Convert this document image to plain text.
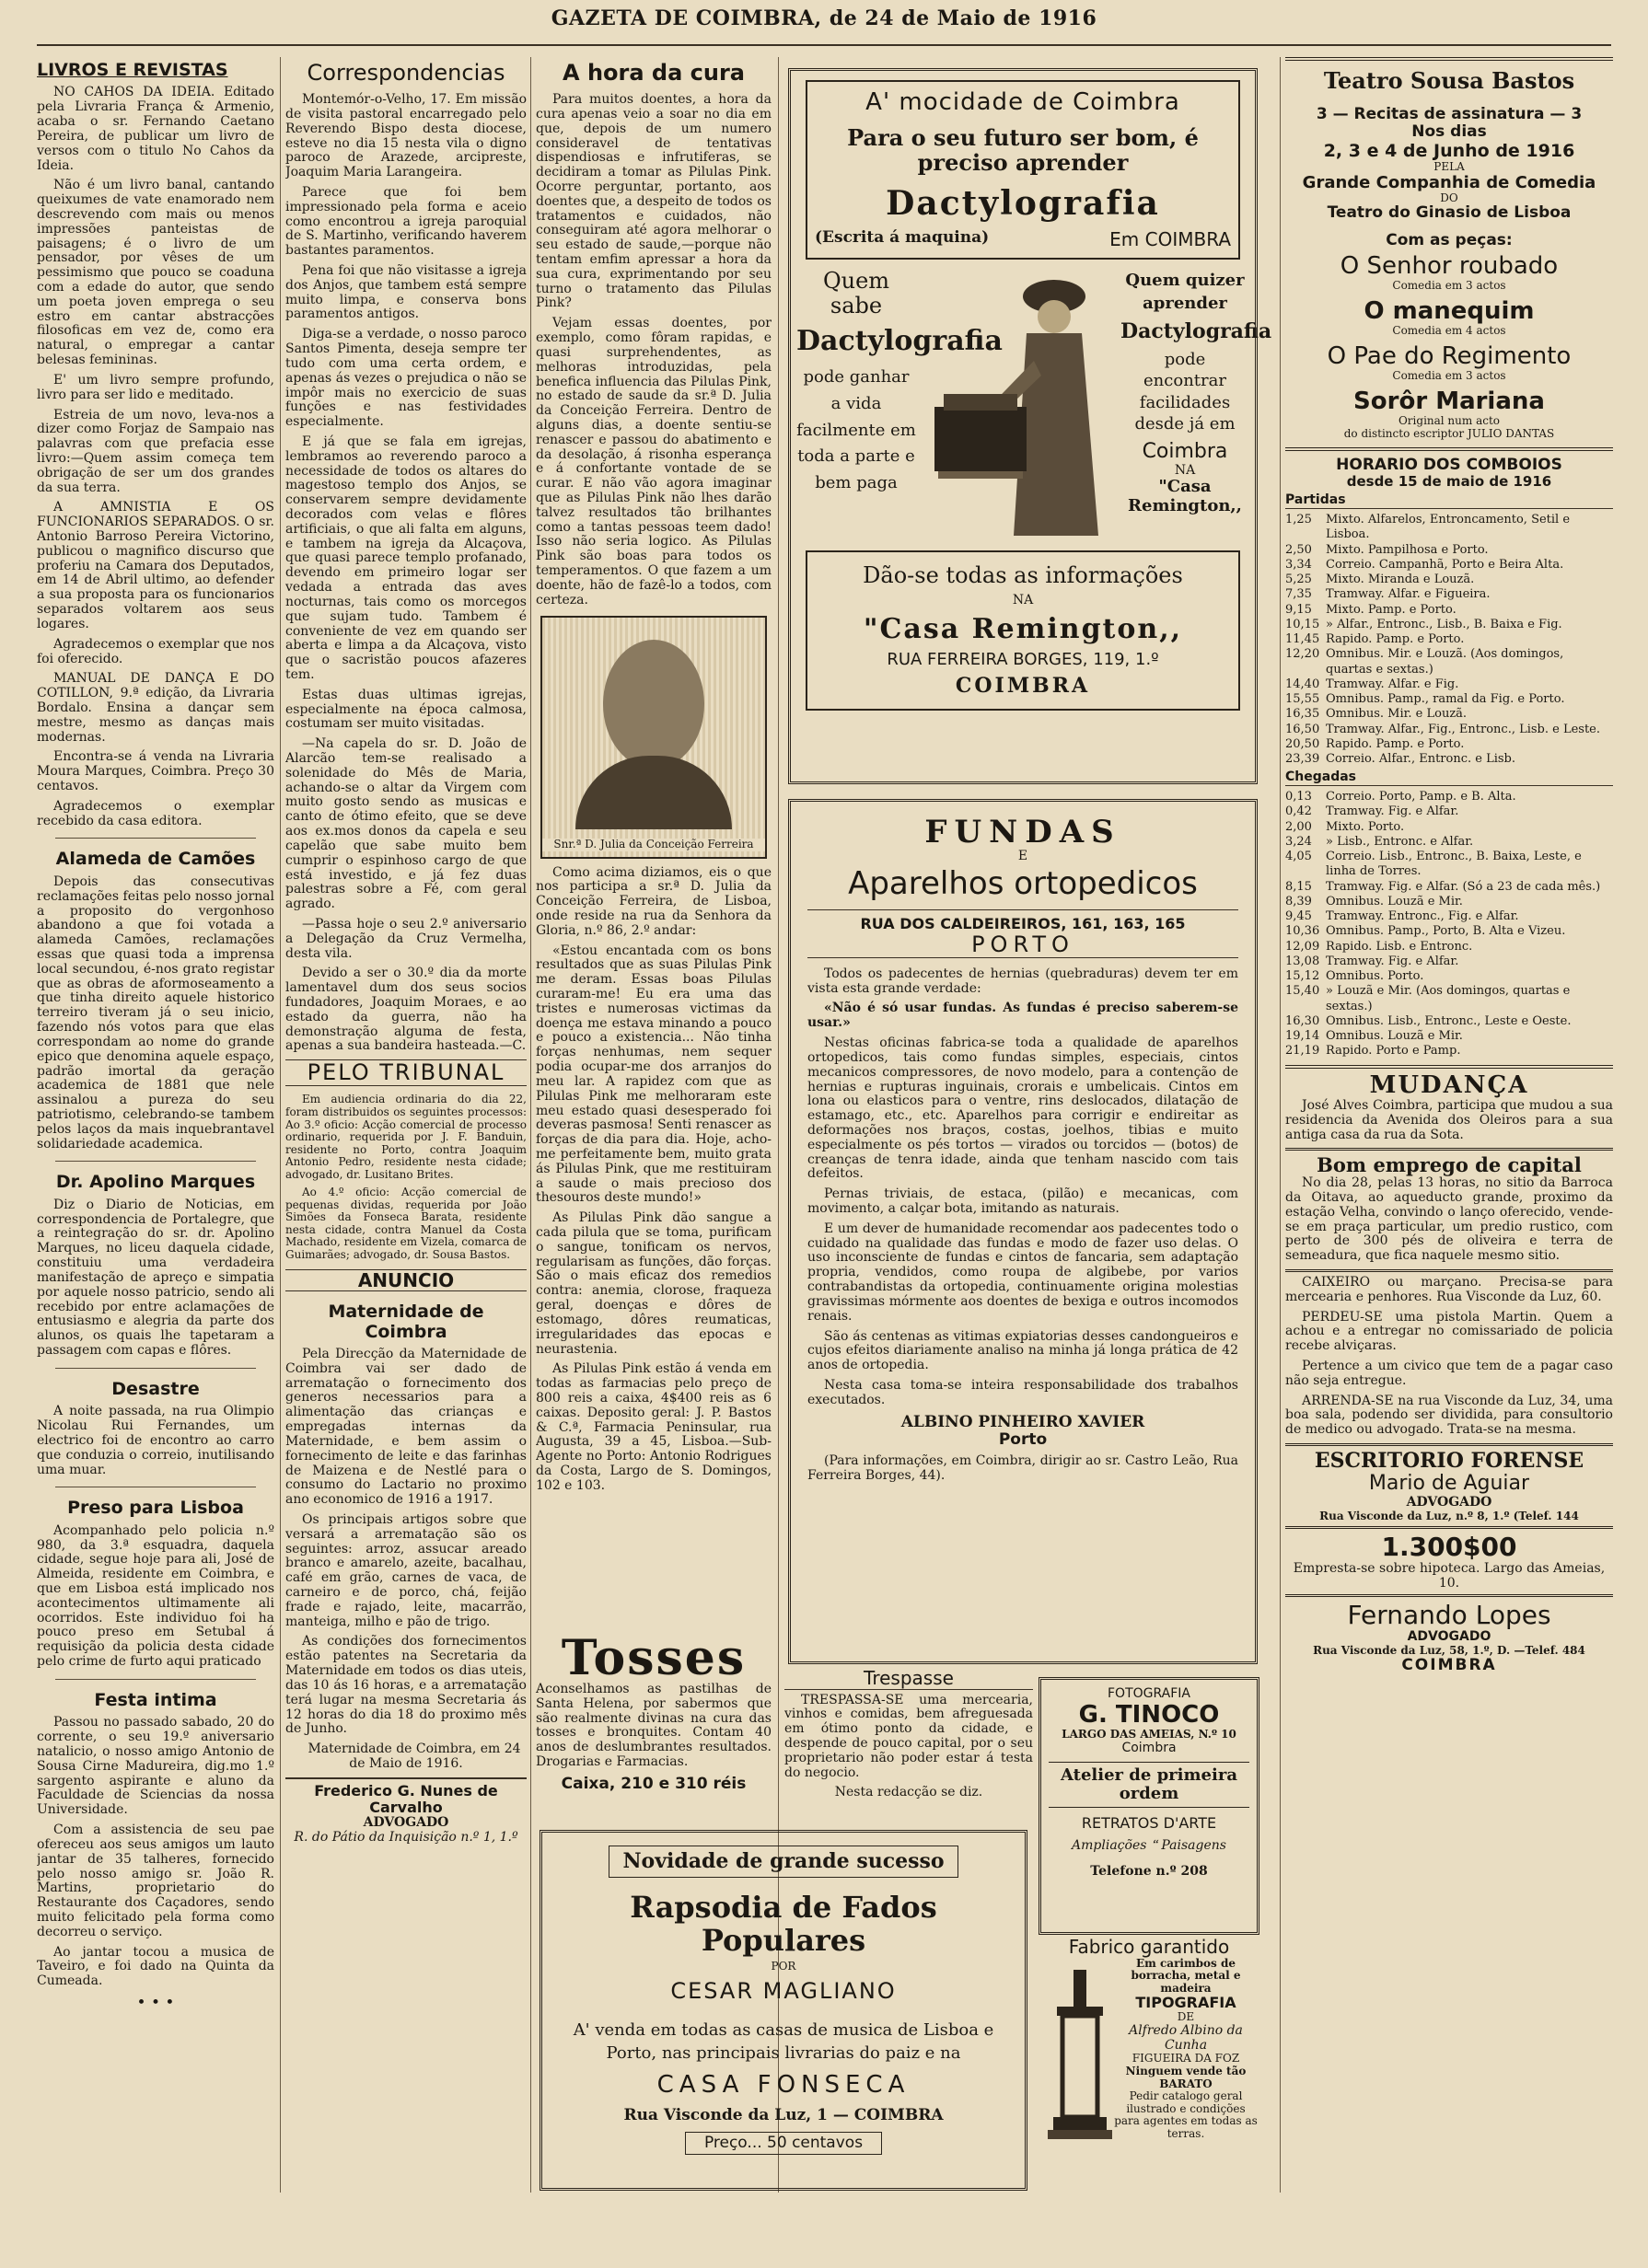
GAZETA DE COIMBRA, de 24 de Maio de 1916
LIVROS E REVISTAS

NO CAHOS DA IDEIA. Editado pela Livraria França & Armenio, acaba o sr. Fernando Caetano Pereira, de publicar um livro de versos com o titulo No Cahos da Ideia.

Não é um livro banal, cantando queixumes de vate enamorado nem descrevendo com mais ou menos impressões panteistas de paisagens; é o livro de um pensador, por vêses de um pessimismo que pouco se coaduna com a edade do autor, que sendo um poeta joven emprega o seu estro em cantar abstracções filosoficas em vez de, como era natural, o empregar a cantar belesas femininas.

E' um livro sempre profundo, livro para ser lido e meditado.

Estreia de um novo, leva-nos a dizer como Forjaz de Sampaio nas palavras com que prefacia esse livro:—Quem assim começa tem obrigação de ser um dos grandes da sua terra.

A AMNISTIA E OS FUNCIONARIOS SEPARADOS. O sr. Antonio Barroso Pereira Victorino, publicou o magnifico discurso que proferiu na Camara dos Deputados, em 14 de Abril ultimo, ao defender a sua proposta para os funcionarios separados voltarem aos seus logares.

Agradecemos o exemplar que nos foi oferecido.

MANUAL DE DANÇA E DO COTILLON, 9.ª edição, da Livraria Bordalo. Ensina a dançar sem mestre, mesmo as danças mais modernas.

Encontra-se á venda na Livraria Moura Marques, Coimbra. Preço 30 centavos.

Agradecemos o exemplar recebido da casa editora.

Alameda de Camões

Depois das consecutivas reclamações feitas pelo nosso jornal a proposito do vergonhoso abandono a que foi votada a alameda Camões, reclamações essas que quasi toda a imprensa local secundou, é-nos grato registar que as obras de aformoseamento a que tinha direito aquele historico terreiro tiveram já o seu inicio, fazendo nós votos para que elas correspondam ao nome do grande epico que denomina aquele espaço, padrão imortal da geração academica de 1881 que nele assinalou a pureza do seu patriotismo, celebrando-se tambem pelos laços da mais inquebrantavel solidariedade academica.

Dr. Apolino Marques

Diz o Diario de Noticias, em correspondencia de Portalegre, que a reintegração do sr. dr. Apolino Marques, no liceu daquela cidade, constituiu uma verdadeira manifestação de apreço e simpatia por aquele nosso patricio, sendo ali recebido por entre aclamações de entusiasmo e alegria da parte dos alunos, os quais lhe tapetaram a passagem com capas e flôres.

Desastre

A noite passada, na rua Olimpio Nicolau Rui Fernandes, um electrico foi de encontro ao carro que conduzia o correio, inutilisando uma muar.

Preso para Lisboa

Acompanhado pelo policia n.º 980, da 3.ª esquadra, daquela cidade, segue hoje para ali, José de Almeida, residente em Coimbra, e que em Lisboa está implicado nos acontecimentos ultimamente ali ocorridos. Este individuo foi ha pouco preso em Setubal á requisição da policia desta cidade pelo crime de furto aqui praticado

Festa intima

Passou no passado sabado, 20 do corrente, o seu 19.º aniversario natalicio, o nosso amigo Antonio de Sousa Cirne Madureira, dig.mo 1.º sargento aspirante e aluno da Faculdade de Sciencias da nossa Universidade.

Com a assistencia de seu pae ofereceu aos seus amigos um lauto jantar de 35 talheres, fornecido pelo nosso amigo sr. João R. Martins, proprietario do Restaurante dos Caçadores, sendo muito felicitado pela forma como decorreu o serviço.

Ao jantar tocou a musica de Taveiro, e foi dado na Quinta da Cumeada.

• • •
Correspondencias

Montemór-o-Velho, 17. Em missão de visita pastoral encarregado pelo Reverendo Bispo desta diocese, esteve no dia 15 nesta vila o digno paroco de Arazede, arcipreste, Joaquim Maria Larangeira.

Parece que foi bem impressionado pela forma e aceio como encontrou a igreja paroquial de S. Martinho, verificando haverem bastantes paramentos.

Pena foi que não visitasse a igreja dos Anjos, que tambem está sempre muito limpa, e conserva bons paramentos antigos.

Diga-se a verdade, o nosso paroco Santos Pimenta, deseja sempre ter tudo com uma certa ordem, e apenas ás vezes o prejudica o não se impôr mais no exercicio de suas funções e nas festividades especialmente.

E já que se fala em igrejas, lembramos ao reverendo paroco a necessidade de todos os altares do magestoso templo dos Anjos, se conservarem sempre devidamente decorados com velas e flôres artificiais, o que ali falta em alguns, e tambem na igreja da Alcaçova, que quasi parece templo profanado, devendo em primeiro logar ser vedada a entrada das aves nocturnas, tais como os morcegos que sujam tudo. Tambem é conveniente de vez em quando ser aberta e limpa a da Alcaçova, visto que o sacristão poucos afazeres tem.

Estas duas ultimas igrejas, especialmente na época calmosa, costumam ser muito visitadas.

—Na capela do sr. D. João de Alarcão tem-se realisado a solenidade do Mês de Maria, achando-se o altar da Virgem com muito gosto sendo as musicas e canto de ótimo efeito, que se deve aos ex.mos donos da capela e seu capelão que sabe muito bem cumprir o espinhoso cargo de que está investido, e já fez duas palestras sobre a Fé, com geral agrado.

—Passa hoje o seu 2.º aniversario a Delegação da Cruz Vermelha, desta vila.

Devido a ser o 30.º dia da morte lamentavel dum dos seus socios fundadores, Joaquim Moraes, e ao estado da guerra, não ha demonstração alguma de festa, apenas a sua bandeira hasteada.—C.

PELO TRIBUNAL

Em audiencia ordinaria do dia 22, foram distribuidos os seguintes processos: Ao 3.º oficio: Acção comercial de processo ordinario, requerida por J. F. Banduin, residente no Porto, contra Joaquim Antonio Pedro, residente nesta cidade; advogado, dr. Lusitano Brites.

Ao 4.º oficio: Acção comercial de pequenas dividas, requerida por João Simões da Fonseca Barata, residente nesta cidade, contra Manuel da Costa Machado, residente em Vizela, comarca de Guimarães; advogado, dr. Sousa Bastos.

ANUNCIO
Maternidade de Coimbra

Pela Direcção da Maternidade de Coimbra vai ser dado de arrematação o fornecimento dos generos necessarios para a alimentação das crianças e empregadas internas da Maternidade, e bem assim o fornecimento de leite e das farinhas de Maizena e de Nestlé para o consumo do Lactario no proximo ano economico de 1916 a 1917.

Os principais artigos sobre que versará a arrematação são os seguintes: arroz, assucar areado branco e amarelo, azeite, bacalhau, café em grão, carnes de vaca, de carneiro e de porco, chá, feijão frade e rajado, leite, macarrão, manteiga, milho e pão de trigo.

As condições dos fornecimentos estão patentes na Secretaria da Maternidade em todos os dias uteis, das 10 ás 16 horas, e a arrematação terá lugar na mesma Secretaria ás 12 horas do dia 18 do proximo mês de Junho.

Maternidade de Coimbra, em 24 de Maio de 1916.

Frederico G. Nunes de Carvalho
ADVOGADO
R. do Pátio da Inquisição n.º 1, 1.º
A hora da cura

Para muitos doentes, a hora da cura apenas veio a soar no dia em que, depois de um numero consideravel de tentativas dispendiosas e infrutiferas, se decidiram a tomar as Pilulas Pink. Ocorre perguntar, portanto, aos doentes que, a despeito de todos os tratamentos e cuidados, não conseguiram até agora melhorar o seu estado de saude,—porque não tentam emfim apressar a hora da sua cura, exprimentando por seu turno o tratamento das Pilulas Pink?

Vejam essas doentes, por exemplo, como fôram rapidas, e quasi surprehendentes, as melhoras introduzidas, pela benefica influencia das Pilulas Pink, no estado de saude da sr.ª D. Julia da Conceição Ferreira. Dentro de alguns dias, a doente sentiu-se renascer e passou do abatimento e da desolação, á risonha esperança e á confortante vontade de se curar. E não vão agora imaginar que as Pilulas Pink não lhes darão talvez resultados tão brilhantes como a tantas pessoas teem dado! Isso não seria logico. As Pilulas Pink são boas para todos os temperamentos. O que fazem a um doente, hão de fazê-lo a todos, com certeza.

Snr.ª D. Julia da Conceição Ferreira

Como acima diziamos, eis o que nos participa a sr.ª D. Julia da Conceição Ferreira, de Lisboa, onde reside na rua da Senhora da Gloria, n.º 86, 2.º andar:

«Estou encantada com os bons resultados que as suas Pilulas Pink me deram. Essas boas Pilulas curaram-me! Eu era uma das tristes e numerosas victimas da doença me estava minando a pouco e pouco a existencia... Não tinha forças nenhumas, nem sequer podia ocupar-me dos arranjos do meu lar. A rapidez com que as Pilulas Pink me melhoraram este meu estado quasi desesperado foi deveras pasmosa! Senti renascer as forças de dia para dia. Hoje, acho-me perfeitamente bem, muito grata ás Pilulas Pink, que me restituiram a saude o mais precioso dos thesouros deste mundo!»

As Pilulas Pink dão sangue a cada pilula que se toma, purificam o sangue, tonificam os nervos, regularisam as funções, dão forças. São o mais eficaz dos remedios contra: anemia, clorose, fraqueza geral, doenças e dôres de estomago, dôres reumaticas, irregularidades das epocas e neurastenia.

As Pilulas Pink estão á venda em todas as farmacias pelo preço de 800 reis a caixa, 4$400 reis as 6 caixas. Deposito geral: J. P. Bastos & C.ª, Farmacia Peninsular, rua Augusta, 39 a 45, Lisboa.—Sub-Agente no Porto: Antonio Rodrigues da Costa, Largo de S. Domingos, 102 e 103.

Tosses

Aconselhamos as pastilhas de Santa Helena, por sabermos que são realmente divinas na cura das tosses e bronquites. Contam 40 anos de deslumbrantes resultados. Drogarias e Farmacias.

Caixa, 210 e 310 réis
Trespasse

TRESPASSA-SE uma mercearia, vinhos e comidas, bem afreguesada em ótimo ponto da cidade, e despende de pouco capital, por o seu proprietario não poder estar á testa do negocio.

Nesta redacção se diz.
A' mocidade de Coimbra
Para o seu futuro ser bom, é preciso aprender
Dactylografia
(Escrita á maquina)	Em COIMBRA
Quem sabe
Dactylografia
pode ganhar a vida facilmente em toda a parte e bem paga
Quem quizer aprender
Dactylografia
pode encontrar facilidades desde já em
Coimbra
NA
"Casa Remington,,
Dão-se todas as informações
NA
"Casa Remington,,
RUA FERREIRA BORGES, 119, 1.º
COIMBRA
FUNDAS
E
Aparelhos ortopedicos
RUA DOS CALDEIREIROS, 161, 163, 165
PORTO

Todos os padecentes de hernias (quebraduras) devem ter em vista esta grande verdade:

«Não é só usar fundas. As fundas é preciso saberem-se usar.»

Nestas oficinas fabrica-se toda a qualidade de aparelhos ortopedicos, tais como fundas simples, especiais, cintos mecanicos compressores, de novo modelo, para a contenção de hernias e rupturas inguinais, crorais e umbelicais. Cintos em lona ou elasticos para o ventre, rins deslocados, dilatação de estamago, etc., etc. Aparelhos para corrigir e endireitar as deformações nos braços, costas, joelhos, tibias e muito especialmente os pés tortos — virados ou torcidos — (botos) de creanças de tenra idade, ainda que tenham nascido com tais defeitos.

Pernas triviais, de estaca, (pilão) e mecanicas, com movimento, a calçar bota, imitando as naturais.

E um dever de humanidade recomendar aos padecentes todo o cuidado na qualidade das fundas e modo de fazer uso delas. O uso inconsciente de fundas e cintos de fancaria, sem adaptação propria, vendidos, como roupa de algibebe, por varios contrabandistas da ortopedia, continuamente origina molestias gravissimas mórmente aos doentes de bexiga e outros incomodos renais.

São ás centenas as vitimas expiatorias desses candongueiros e cujos efeitos diariamente analiso na minha já longa prática de 42 anos de ortopedia.

Nesta casa toma-se inteira responsabilidade dos trabalhos executados.

ALBINO PINHEIRO XAVIER
Porto

(Para informações, em Coimbra, dirigir ao sr. Castro Leão, Rua Ferreira Borges, 44).

Novidade de grande sucesso
Rapsodia de Fados Populares
POR
CESAR MAGLIANO
A' venda em todas as casas de musica de Lisboa e Porto, nas principais livrarias do paiz e na
CASA FONSECA
Rua Visconde da Luz, 1 — COIMBRA
Preço... 50 centavos
FOTOGRAFIA
G. TINOCO
LARGO DAS AMEIAS, N.º 10
Coimbra
Atelier de primeira ordem
RETRATOS D'ARTE
Ampliações 🙶 Paisagens
Telefone n.º 208
Fabrico garantido
Em carimbos de borracha, metal e madeira
TIPOGRAFIA
DE
Alfredo Albino da Cunha
FIGUEIRA DA FOZ
Ninguem vende tão BARATO
Pedir catalogo geral ilustrado e condições para agentes em todas as terras.
Teatro Sousa Bastos
3 — Recitas de assinatura — 3
Nos dias
2, 3 e 4 de Junho de 1916
PELA
Grande Companhia de Comedia
DO
Teatro do Ginasio de Lisboa
Com as peças:
O Senhor roubado
Comedia em 3 actos
O manequim
Comedia em 4 actos
O Pae do Regimento
Comedia em 3 actos
Sorôr Mariana
Original num acto
do distincto escriptor JULIO DANTAS
HORARIO DOS COMBOIOS
desde 15 de maio de 1916
Partidas
1,25	Mixto. Alfarelos, Entroncamento, Setil e Lisboa.
2,50	Mixto. Pampilhosa e Porto.
3,34	Correio. Campanhã, Porto e Beira Alta.
5,25	Mixto. Miranda e Louzã.
7,35	Tramway. Alfar. e Figueira.
9,15	Mixto. Pamp. e Porto.
10,15 » Alfar., Entronc., Lisb., B. Baixa e Fig.
11,45 Rapido. Pamp. e Porto.
12,20 Omnibus. Mir. e Louzã. (Aos domingos, quartas e sextas.)
14,40 Tramway. Alfar. e Fig.
15,55 Omnibus. Pamp., ramal da Fig. e Porto.
16,35 Omnibus. Mir. e Louzã.
16,50 Tramway. Alfar., Fig., Entronc., Lisb. e Leste.
20,50 Rapido. Pamp. e Porto.
23,39 Correio. Alfar., Entronc. e Lisb.
Chegadas
0,13	Correio. Porto, Pamp. e B. Alta.
0,42	Tramway. Fig. e Alfar.
2,00	Mixto. Porto.
3,24	» Lisb., Entronc. e Alfar.
4,05	Correio. Lisb., Entronc., B. Baixa, Leste, e linha de Torres.
8,15	Tramway. Fig. e Alfar. (Só a 23 de cada mês.)
8,39	Omnibus. Louzã e Mir.
9,45	Tramway. Entronc., Fig. e Alfar.
10,36 Omnibus. Pamp., Porto, B. Alta e Vizeu.
12,09 Rapido. Lisb. e Entronc.
13,08 Tramway. Fig. e Alfar.
15,12 Omnibus. Porto.
15,40 » Louzã e Mir. (Aos domingos, quartas e sextas.)
16,30 Omnibus. Lisb., Entronc., Leste e Oeste.
19,14 Omnibus. Louzã e Mir.
21,19 Rapido. Porto e Pamp.
MUDANÇA

José Alves Coimbra, participa que mudou a sua residencia da Avenida dos Oleiros para a sua antiga casa da rua da Sota.

Bom emprego de capital

No dia 28, pelas 13 horas, no sitio da Barroca da Oitava, ao aqueducto grande, proximo da estação Velha, convindo o lanço oferecido, vende-se em praça particular, um predio rustico, com perto de 300 pés de oliveira e terra de semeadura, que fica naquele mesmo sitio.

CAIXEIRO ou marçano. Precisa-se para mercearia e penhores. Rua Visconde da Luz, 60.

PERDEU-SE uma pistola Martin. Quem a achou e a entregar no comissariado de policia recebe alviçaras.

Pertence a um civico que tem de a pagar caso não seja entregue.

ARRENDA-SE na rua Visconde da Luz, 34, uma boa sala, podendo ser dividida, para consultorio de medico ou advogado. Trata-se na mesma.

ESCRITORIO FORENSE
Mario de Aguiar
ADVOGADO
Rua Visconde da Luz, n.º 8, 1.º (Telef. 144
1.300$00
Empresta-se sobre hipoteca. Largo das Ameias, 10.
Fernando Lopes
ADVOGADO
Rua Visconde da Luz, 58, 1.º, D. —Telef. 484
COIMBRA
